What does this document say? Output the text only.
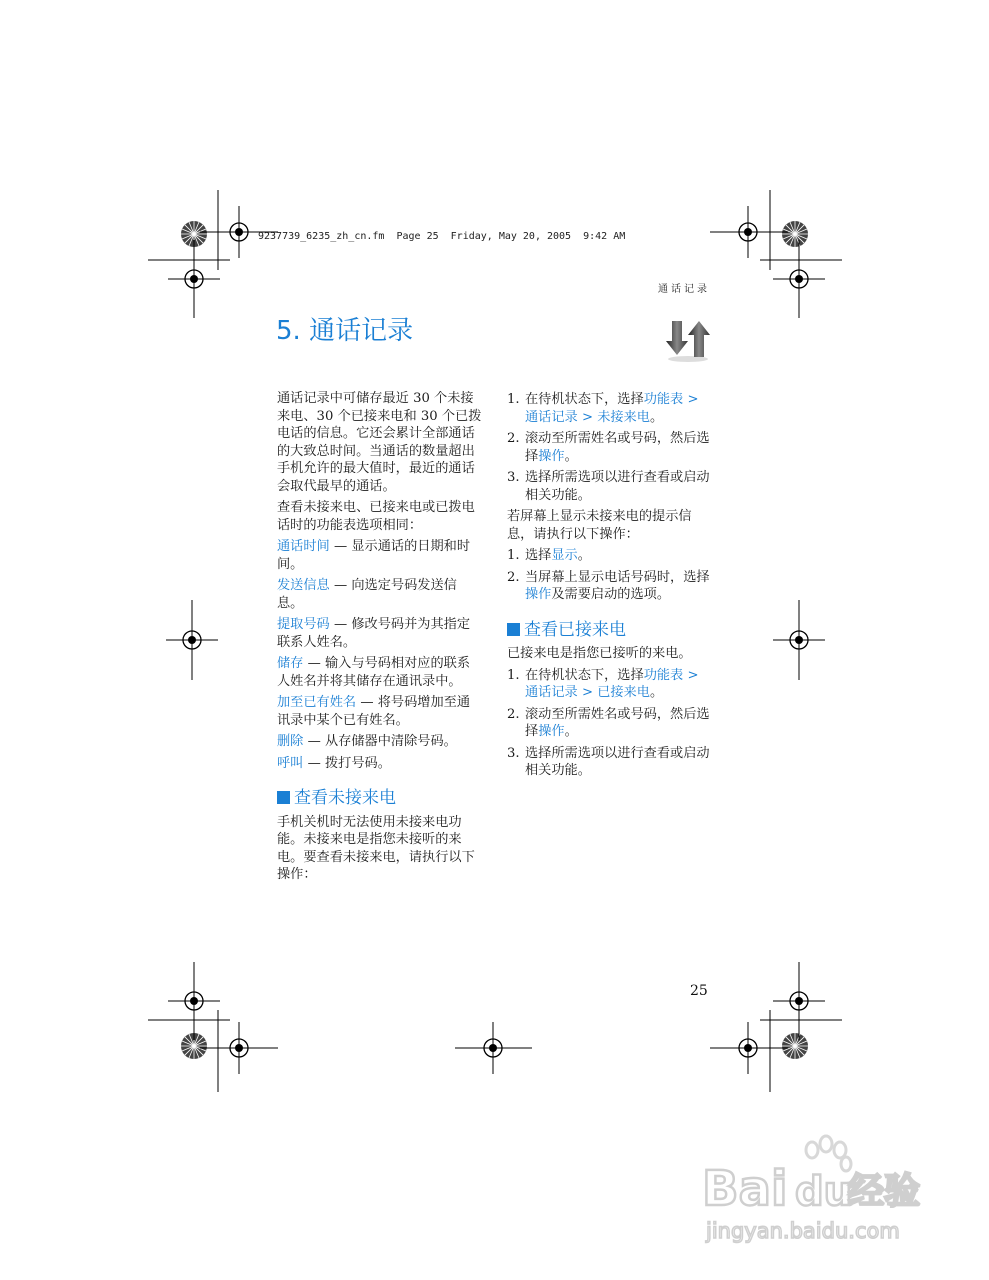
9237739_6235_zh_cn.fm  Page 25  Friday, May 20, 2005  9:42 AM
通话记录
5. 通话记录

通话记录中可储存最近 30 个未接来电、30 个已接来电和 30 个已拨电话的信息。它还会累计全部通话的大致总时间。当通话的数量超出手机允许的最大值时，最近的通话会取代最早的通话。

查看未接来电、已接来电或已拨电话时的功能表选项相同：

通话时间 — 显示通话的日期和时间。

发送信息 — 向选定号码发送信息。

提取号码 — 修改号码并为其指定联系人姓名。

储存 — 输入与号码相对应的联系人姓名并将其储存在通讯录中。

加至已有姓名 — 将号码增加至通讯录中某个已有姓名。

删除 — 从存储器中清除号码。

呼叫 — 拨打号码。

查看未接来电

手机关机时无法使用未接来电功能。未接来电是指您未接听的来电。要查看未接来电，请执行以下操作：

1. 在待机状态下，选择功能表 > 通话记录 > 未接来电。
2. 滚动至所需姓名或号码，然后选择操作。
3. 选择所需选项以进行查看或启动相关功能。

若屏幕上显示未接来电的提示信息，请执行以下操作：

1. 选择显示。
2. 当屏幕上显示电话号码时，选择操作及需要启动的选项。
查看已接来电

已接来电是指您已接听的来电。

1. 在待机状态下，选择功能表 > 通话记录 > 已接来电。
2. 滚动至所需姓名或号码，然后选择操作。
3. 选择所需选项以进行查看或启动相关功能。
25
Bai du
经验
jingyan.baidu.com
